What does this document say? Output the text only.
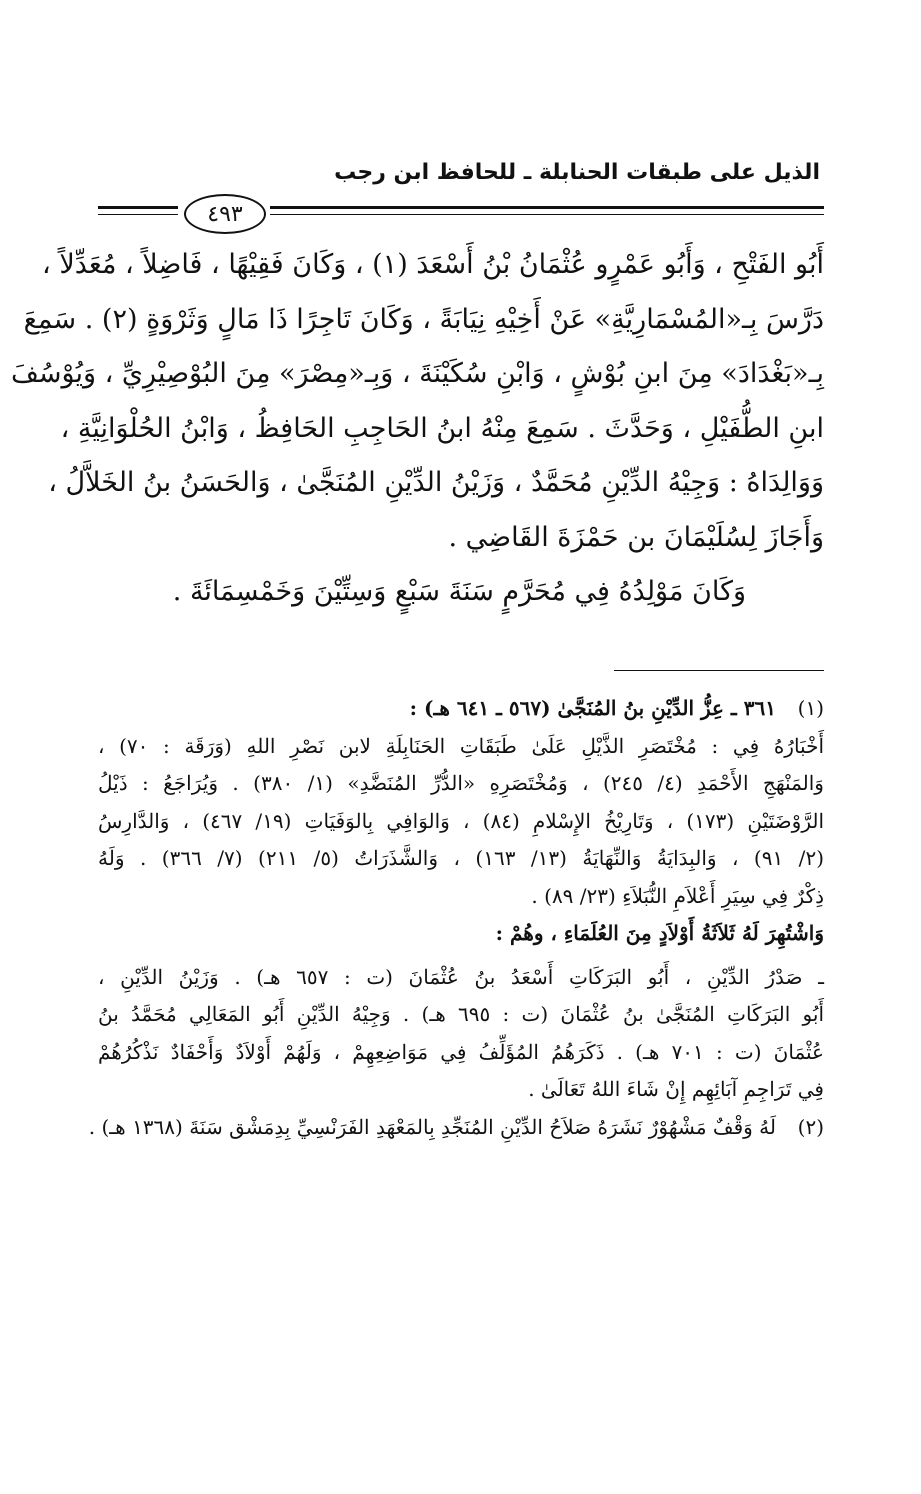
الذيل على طبقات الحنابلة ـ للحافظ ابن رجب
٤٩٣
أَبُو الفَتْحِ ، وَأَبُو عَمْرٍو عُثْمَانُ بْنُ أَسْعَدَ (١) ، وَكَانَ فَقِيْهًا ، فَاضِلاً ، مُعَدِّلاً ،
دَرَّسَ بِـ«المُسْمَارِيَّةِ» عَنْ أَخِيْهِ نِيَابَةً ، وَكَانَ تَاجِرًا ذَا مَالٍ وَثَرْوَةٍ (٢) . سَمِعَ
بِـ«بَغْدَادَ» مِنَ ابنِ بُوْشٍ ، وَابْنِ سُكَيْنَةَ ، وَبِـ«مِصْرَ» مِنَ البُوْصِيْرِيِّ ، وَيُوْسُفَ
ابنِ الطُّفَيْلِ ، وَحَدَّثَ . سَمِعَ مِنْهُ ابنُ الحَاجِبِ الحَافِظُ ، وَابْنُ الحُلْوَانِيَّةِ ،
وَوَالِدَاهُ : وَجِيْهُ الدِّيْنِ مُحَمَّدٌ ، وَزَيْنُ الدِّيْنِ المُنَجَّىٰ ، وَالحَسَنُ بنُ الخَلاَّلُ ،
وَأَجَازَ لِسُلَيْمَانَ بن حَمْزَةَ القَاضِي .
وَكَانَ مَوْلِدُهُ فِي مُحَرَّمٍ سَنَةَ سَبْعٍ وَسِتِّيْنَ وَخَمْسِمَائَةَ .
(١)٣٦١ ـ عِزُّ الدِّيْنِ بنُ المُنَجَّىٰ (٥٦٧ ـ ٦٤١ هـ) :
أَخْبَارُهُ فِي : مُخْتَصَرِ الذَّيْلِ عَلَىٰ طَبَقَاتِ الحَنَابِلَةِ لابن نَصْرِ اللهِ (وَرَقَة : ٧٠) ،
وَالمَنْهَجِ الأَحْمَدِ (٤/ ٢٤٥) ، وَمُخْتَصَرِهِ «الدُّرِّ المُنَضَّدِ» (١/ ٣٨٠) . وَيُرَاجَعُ : ذَيْلُ
الرَّوْضَتَيْنِ (١٧٣) ، وَتَارِيْخُ الإِسْلامِ (٨٤) ، وَالوَافِي بِالوَفَيَاتِ (١٩/ ٤٦٧) ، وَالدَّارِسُ
(٢/ ٩١) ، وَالبِدَايَةُ وَالنِّهَايَةُ (١٣/ ١٦٣) ، وَالشَّذَرَاتُ (٥/ ٢١١) (٧/ ٣٦٦) . وَلَهُ
ذِكْرٌ فِي سِيَرِ أَعْلاَمِ النُّبَلاَءِ (٢٣/ ٨٩) .
وَاشْتُهِرَ لَهُ ثَلاَثَةُ أَوْلاَدٍ مِنَ العُلَمَاءِ ، وهُمْ :
ـ صَدْرُ الدِّيْنِ ، أَبُو البَرَكَاتِ أَسْعَدُ بنُ عُثْمَانَ (ت : ٦٥٧ هـ) . وَزَيْنُ الدِّيْنِ ،
أَبُو البَرَكَاتِ المُنَجَّىٰ بنُ عُثْمَانَ (ت : ٦٩٥ هـ) . وَجِيْهُ الدِّيْنِ أَبُو المَعَالِي مُحَمَّدُ بنُ
عُثْمَانَ (ت : ٧٠١ هـ) . ذَكَرَهُمُ المُؤَلِّفُ فِي مَوَاضِعِهِمْ ، وَلَهُمْ أَوْلاَدٌ وَأَحْفَادٌ نَذْكُرُهُمْ
فِي تَرَاجِمِ آبَائِهِم إِنْ شَاءَ اللهُ تَعَالَىٰ .
(٢)لَهُ وَقْفٌ مَشْهُوْرٌ نَشَرَهُ صَلاَحُ الدِّيْنِ المُنَجِّدِ بِالمَعْهَدِ الفَرَنْسِيِّ بِدِمَشْق سَنَةَ (١٣٦٨ هـ) .
